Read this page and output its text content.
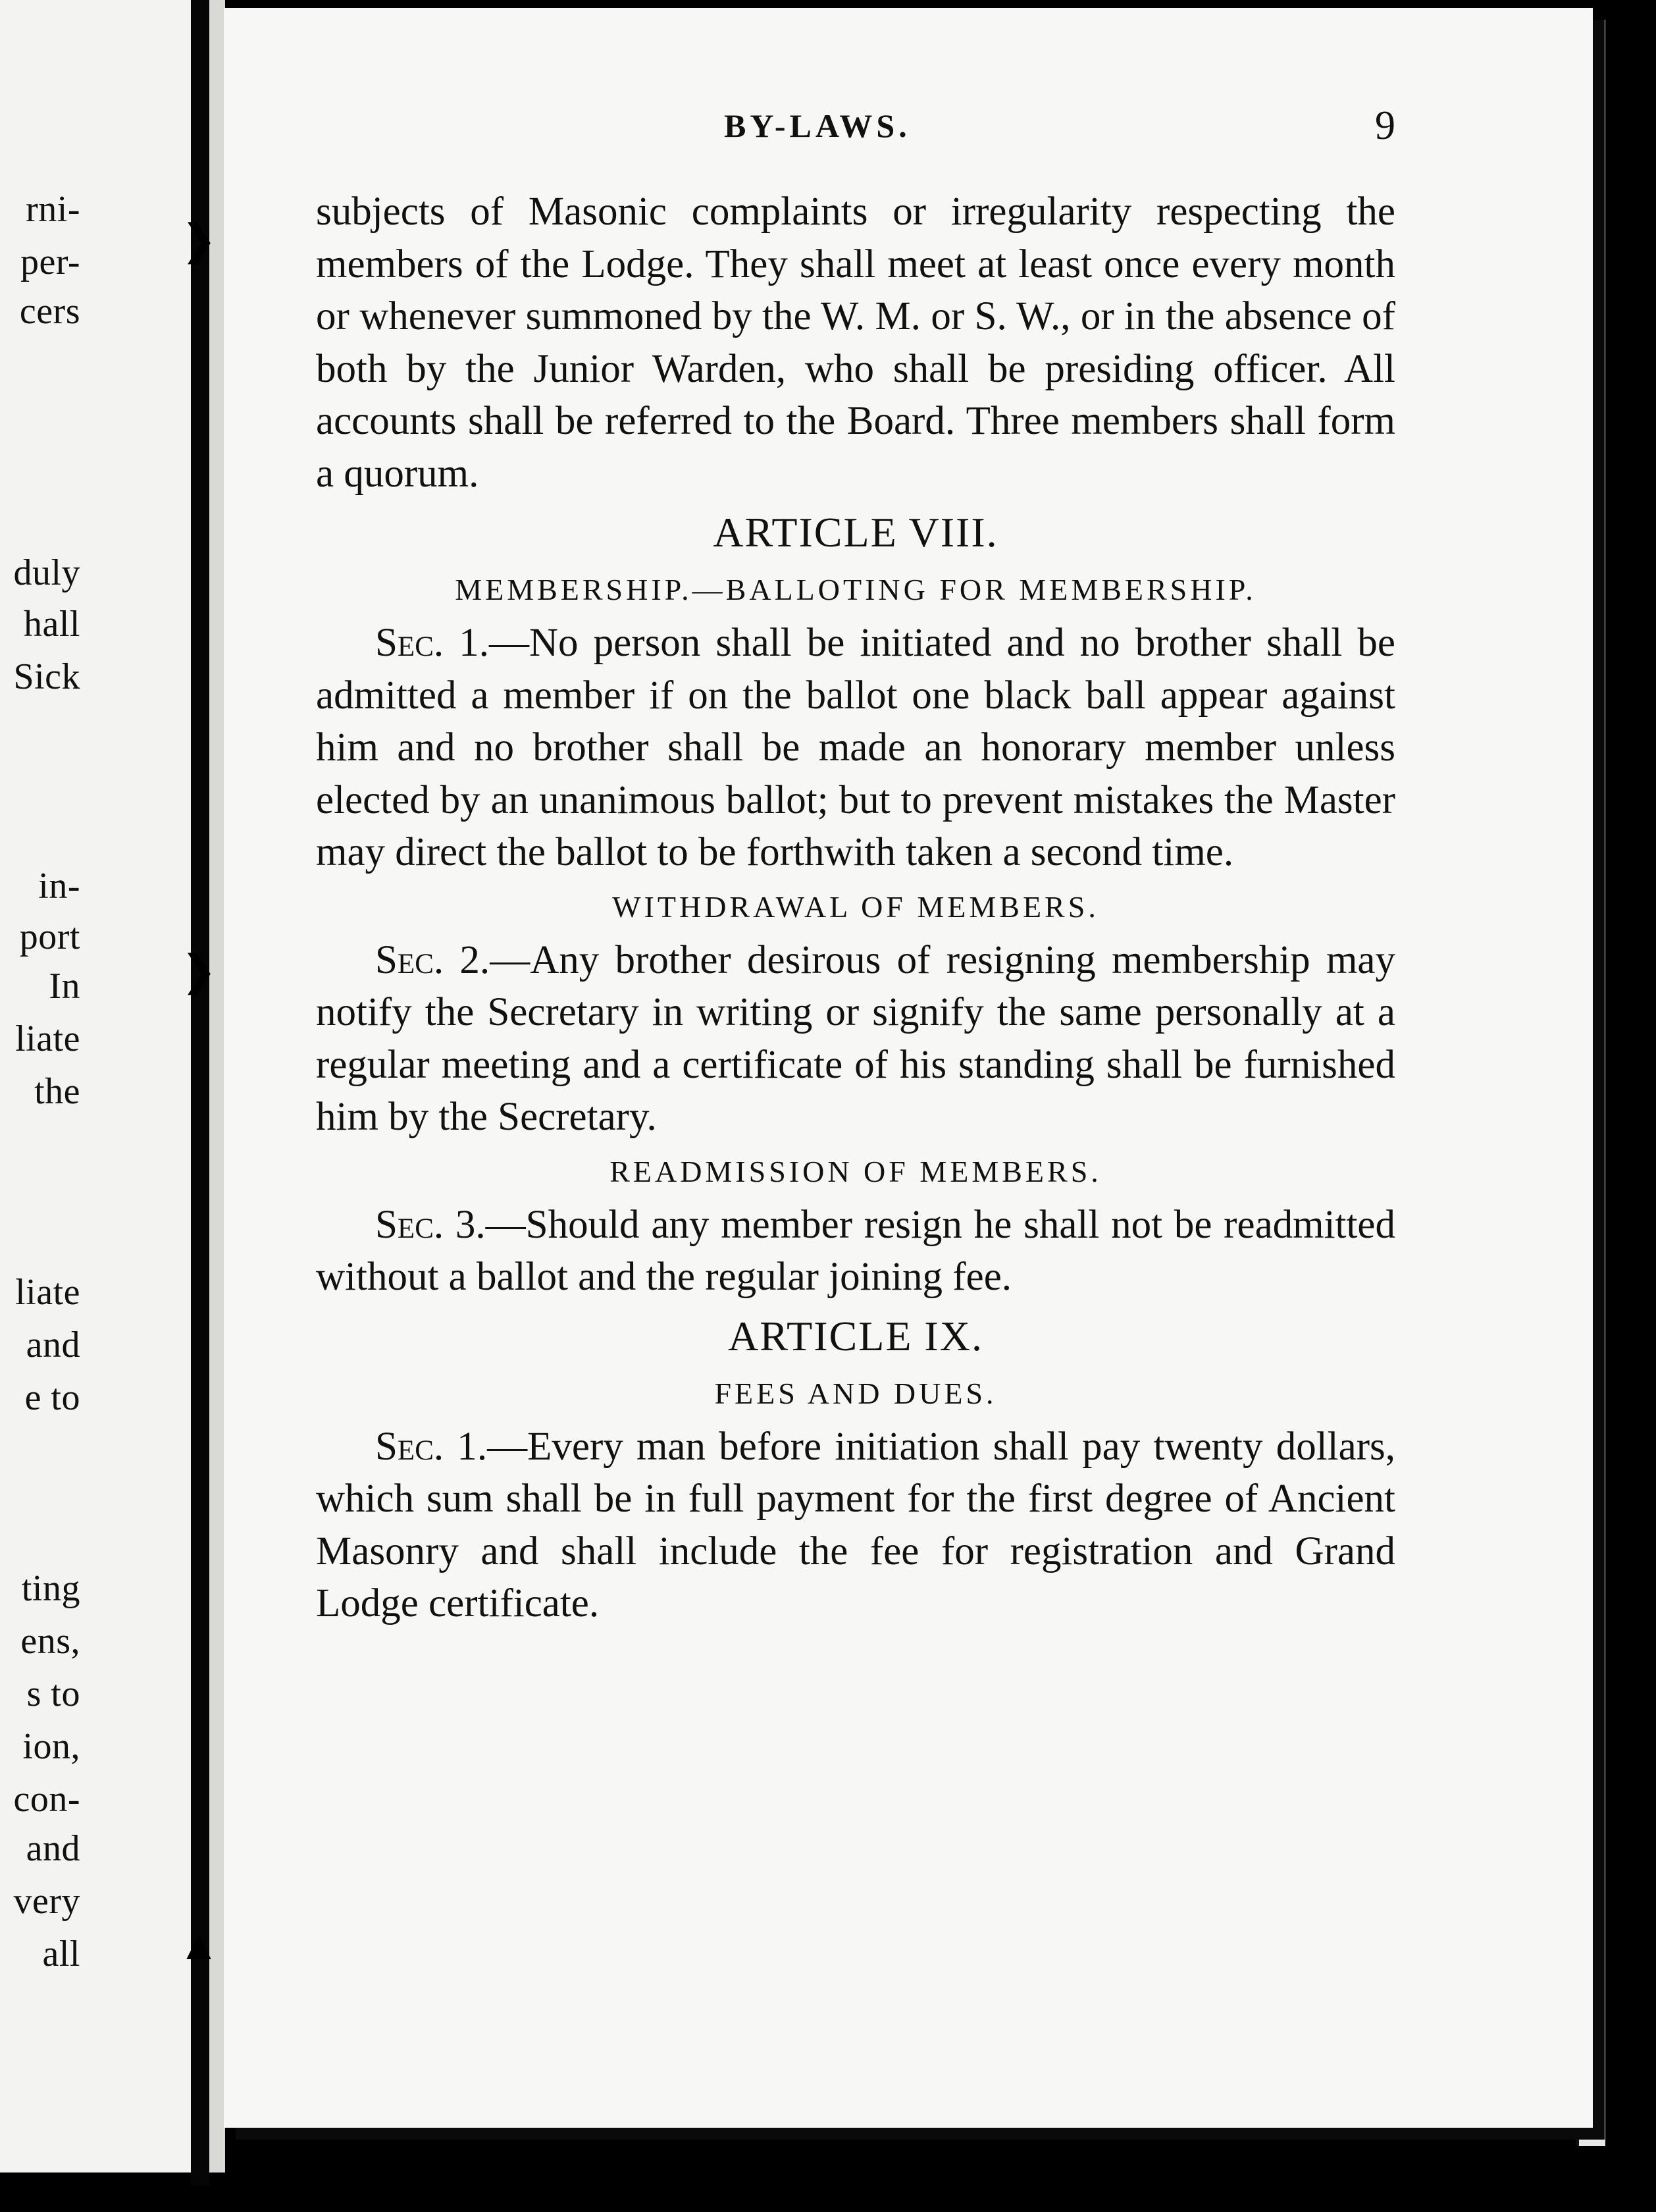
rni-
per-
cers
duly
hall
Sick
in-
port
In
liate
the
liate
and
e to
ting
ens,
s to
ion,
con-
and
very
all
❯
❯
▲
BY-LAWS.	9

subjects of Masonic complaints or irregularity respecting the members of the Lodge. They shall meet at least once every month or whenever summoned by the W. M. or S. W., or in the absence of both by the Junior Warden, who shall be presiding officer. All accounts shall be referred to the Board. Three members shall form a quorum.

ARTICLE VIII.
MEMBERSHIP.—BALLOTING FOR MEMBERSHIP.

Sec. 1.—No person shall be initiated and no brother shall be admitted a member if on the ballot one black ball appear against him and no brother shall be made an honorary member unless elected by an unanimous ballot; but to prevent mistakes the Master may direct the ballot to be forthwith taken a second time.

WITHDRAWAL OF MEMBERS.

Sec. 2.—Any brother desirous of resigning membership may notify the Secretary in writing or signify the same personally at a regular meeting and a certificate of his standing shall be furnished him by the Secretary.

READMISSION OF MEMBERS.

Sec. 3.—Should any member resign he shall not be readmitted without a ballot and the regular joining fee.

ARTICLE IX.
FEES AND DUES.

Sec. 1.—Every man before initiation shall pay twenty dollars, which sum shall be in full payment for the first degree of Ancient Masonry and shall include the fee for registration and Grand Lodge certificate.
